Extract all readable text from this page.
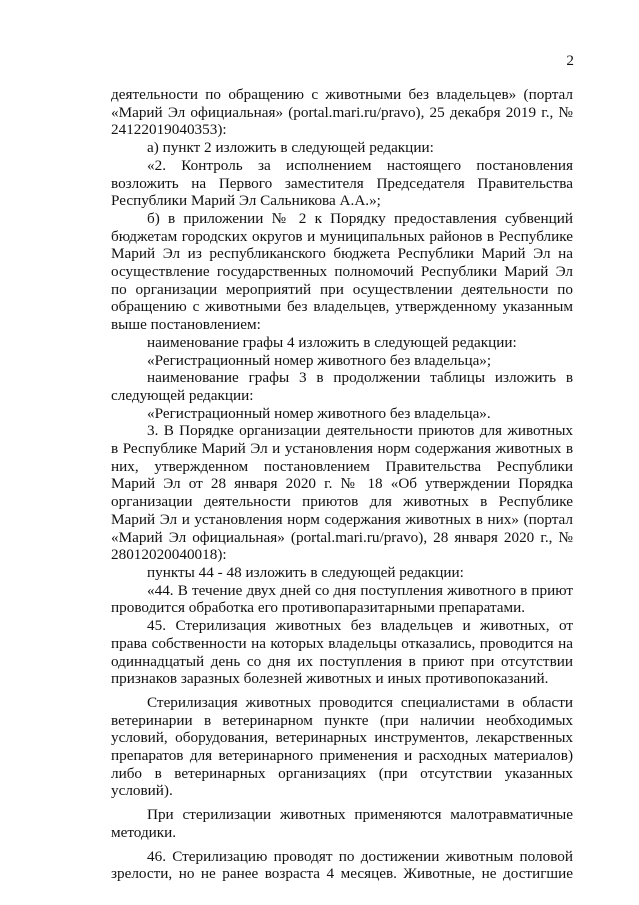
2

деятельности по обращению с животными без владельцев» (портал «Марий Эл официальная» (portal.mari.ru/pravo), 25 декабря 2019 г., № 24122019040353):

а) пункт 2 изложить в следующей редакции:

«2. Контроль за исполнением настоящего постановления возложить на Первого заместителя Председателя Правительства Республики Марий Эл Сальникова А.А.»;

б) в приложении № 2 к Порядку предоставления субвенций бюджетам городских округов и муниципальных районов в Республике Марий Эл из республиканского бюджета Республики Марий Эл на осуществление государственных полномочий Республики Марий Эл по организации мероприятий при осуществлении деятельности по обращению с животными без владельцев, утвержденному указанным выше постановлением:

наименование графы 4 изложить в следующей редакции:

«Регистрационный номер животного без владельца»;

наименование графы 3 в продолжении таблицы изложить в следующей редакции:

«Регистрационный номер животного без владельца».

3. В Порядке организации деятельности приютов для животных в Республике Марий Эл и установления норм содержания животных в них, утвержденном постановлением Правительства Республики Марий Эл от 28 января 2020 г. № 18 «Об утверждении Порядка организации деятельности приютов для животных в Республике Марий Эл и установления норм содержания животных в них» (портал «Марий Эл официальная» (portal.mari.ru/pravo), 28 января 2020 г., № 28012020040018):

пункты 44 - 48 изложить в следующей редакции:

«44. В течение двух дней со дня поступления животного в приют проводится обработка его противопаразитарными препаратами.

45. Стерилизация животных без владельцев и животных, от права собственности на которых владельцы отказались, проводится на одиннадцатый день со дня их поступления в приют при отсутствии признаков заразных болезней животных и иных противопоказаний.

Стерилизация животных проводится специалистами в области ветеринарии в ветеринарном пункте (при наличии необходимых условий, оборудования, ветеринарных инструментов, лекарственных препаратов для ветеринарного применения и расходных материалов) либо в ветеринарных организациях (при отсутствии указанных условий).

При стерилизации животных применяются малотравматичные методики.

46. Стерилизацию проводят по достижении животным половой зрелости, но не ранее возраста 4 месяцев. Животные, не достигшие
